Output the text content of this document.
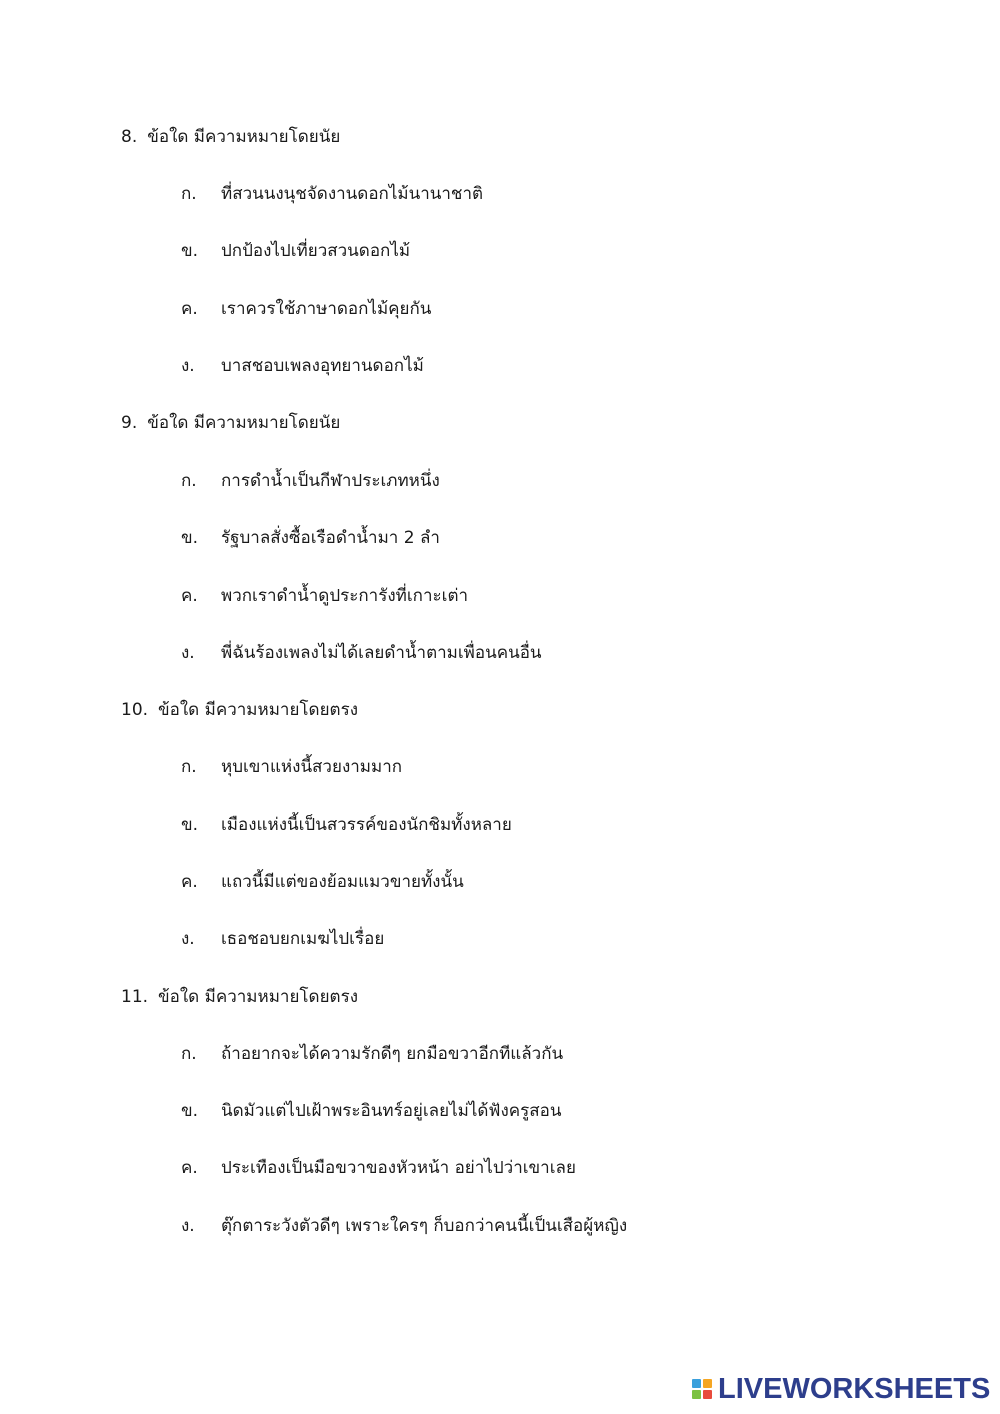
8. ข้อใด มีความหมายโดยนัย
ก. ที่สวนนงนุชจัดงานดอกไม้นานาชาติ
ข. ปกป้องไปเที่ยวสวนดอกไม้
ค. เราควรใช้ภาษาดอกไม้คุยกัน
ง. บาสชอบเพลงอุทยานดอกไม้
9. ข้อใด มีความหมายโดยนัย
ก. การดำน้ำเป็นกีฬาประเภทหนึ่ง
ข. รัฐบาลสั่งซื้อเรือดำน้ำมา 2 ลำ
ค. พวกเราดำน้ำดูประการังที่เกาะเต่า
ง. พี่ฉันร้องเพลงไม่ได้เลยดำน้ำตามเพื่อนคนอื่น
10. ข้อใด มีความหมายโดยตรง
ก. หุบเขาแห่งนี้สวยงามมาก
ข. เมืองแห่งนี้เป็นสวรรค์ของนักชิมทั้งหลาย
ค. แถวนี้มีแต่ของย้อมแมวขายทั้งนั้น
ง. เธอชอบยกเมฆไปเรื่อย
11. ข้อใด มีความหมายโดยตรง
ก. ถ้าอยากจะได้ความรักดีๆ ยกมือขวาอีกทีแล้วกัน
ข. นิดมัวแต่ไปเฝ้าพระอินทร์อยู่เลยไม่ได้ฟังครูสอน
ค. ประเทืองเป็นมือขวาของหัวหน้า อย่าไปว่าเขาเลย
ง. ตุ๊กตาระวังตัวดีๆ เพราะใครๆ ก็บอกว่าคนนี้เป็นเสือผู้หญิง
LIVEWORKSHEETS
